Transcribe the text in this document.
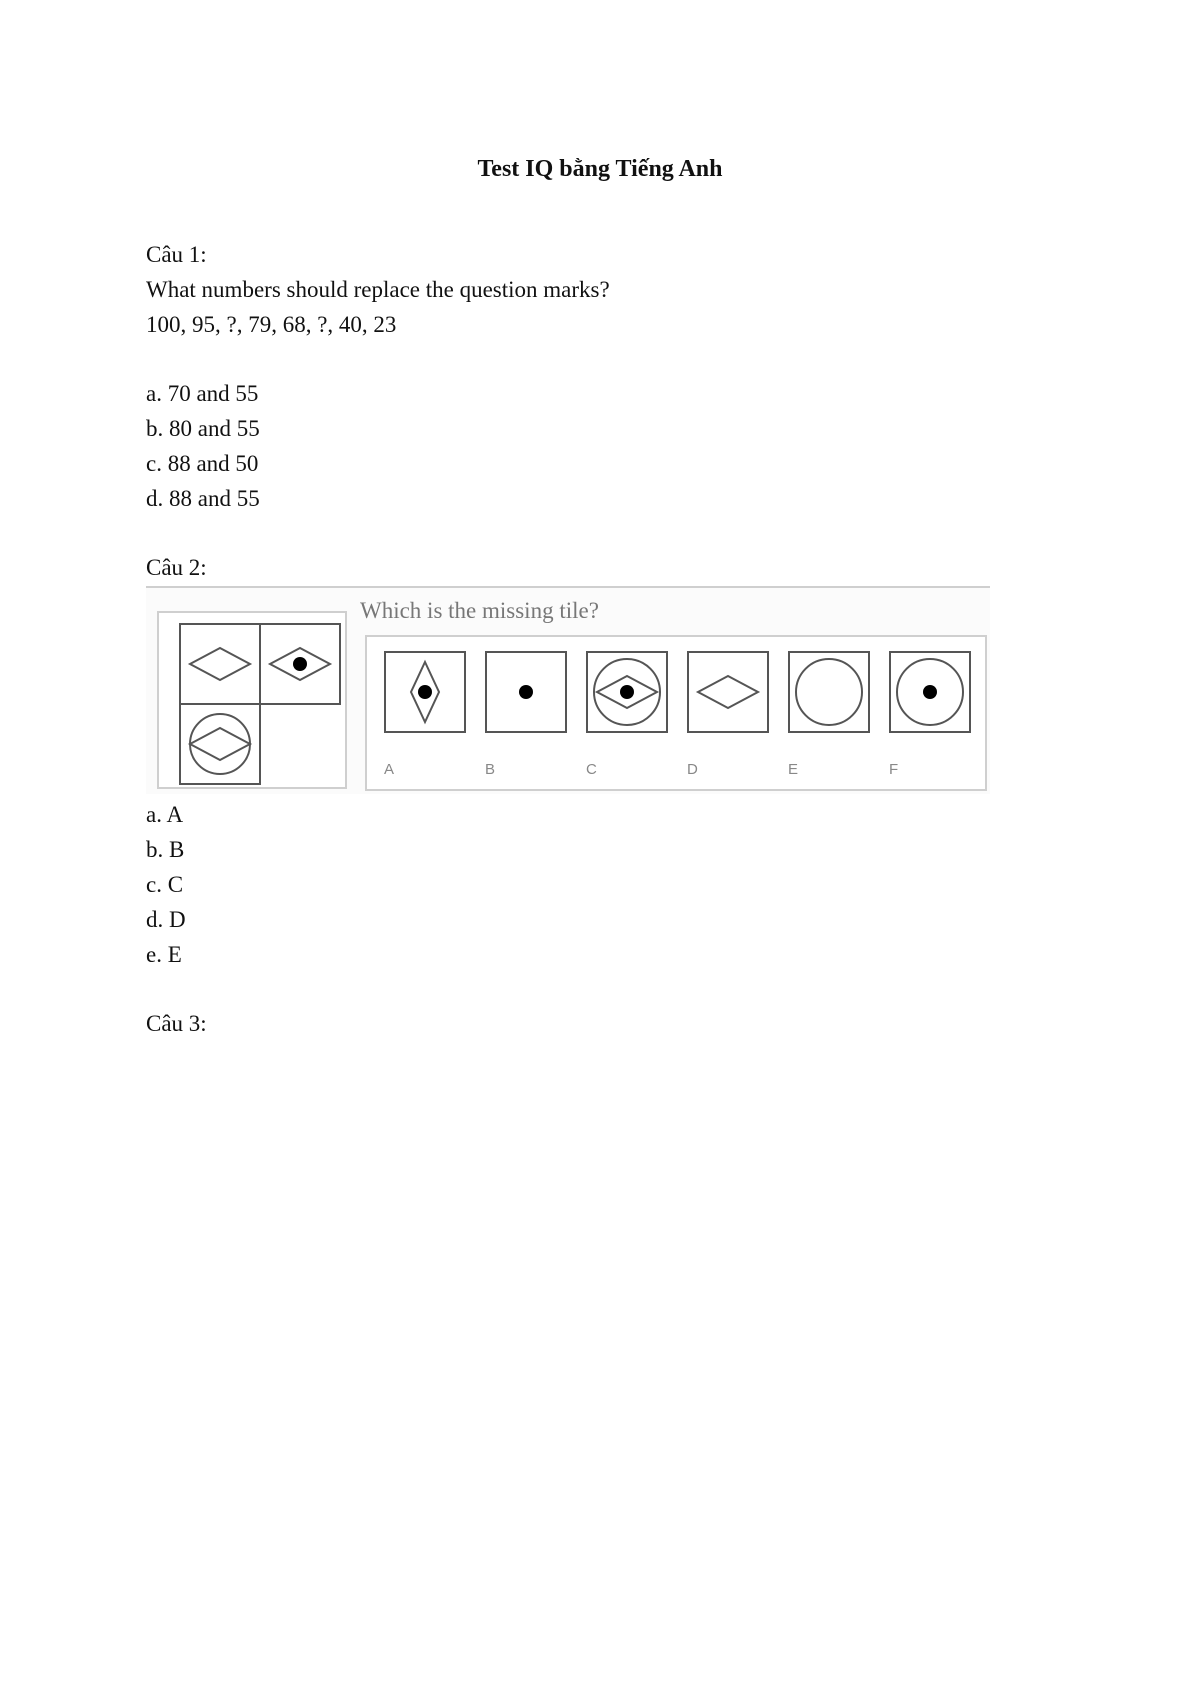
Test IQ bằng Tiếng Anh
Câu 1:
What numbers should replace the question marks?
100, 95, ?, 79, 68, ?, 40, 23
a. 70 and 55
b. 80 and 55
c. 88 and 50
d. 88 and 55
Câu 2:
Which is the missing tile?
A	B	C	D	E	F
a. A
b. B
c. C
d. D
e. E
Câu 3:
